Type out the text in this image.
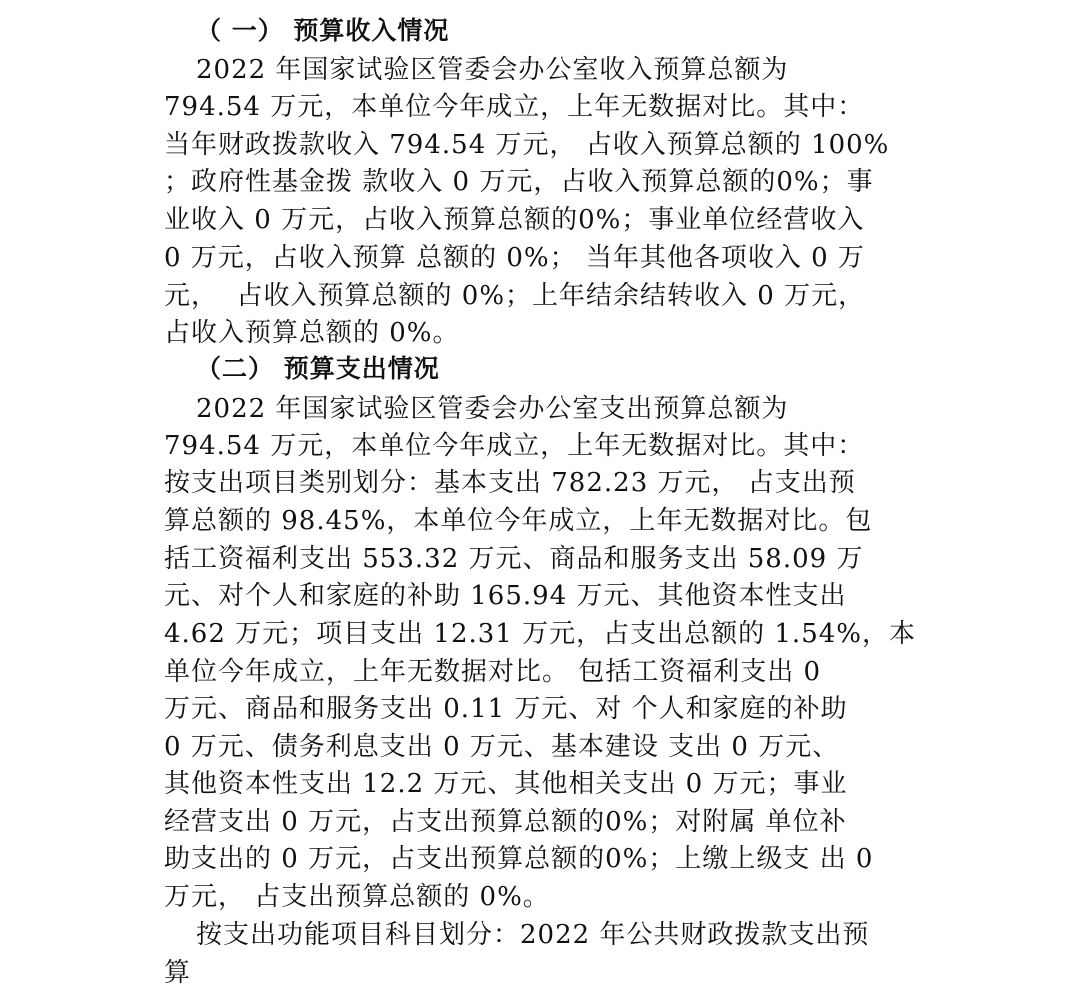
（ 一） 预算收入情况
2022 年国家试验区管委会办公室收入预算总额为
794.54 万元，本单位今年成立，上年无数据对比。其中：
当年财政拨款收入 794.54 万元， 占收入预算总额的 100%
；政府性基金拨 款收入 0 万元，占收入预算总额的0%；事
业收入 0 万元，占收入预算总额的0%；事业单位经营收入
0 万元，占收入预算 总额的 0%； 当年其他各项收入 0 万
元，  占收入预算总额的 0%；上年结余结转收入 0 万元，
占收入预算总额的 0%。
（二） 预算支出情况
2022 年国家试验区管委会办公室支出预算总额为
794.54 万元，本单位今年成立，上年无数据对比。其中：
按支出项目类别划分：基本支出 782.23 万元， 占支出预
算总额的 98.45%，本单位今年成立，上年无数据对比。包
括工资福利支出 553.32 万元、商品和服务支出 58.09 万
元、对个人和家庭的补助 165.94 万元、其他资本性支出
4.62 万元；项目支出 12.31 万元，占支出总额的 1.54%，本
单位今年成立，上年无数据对比。 包括工资福利支出 0
万元、商品和服务支出 0.11 万元、对 个人和家庭的补助
0 万元、债务利息支出 0 万元、基本建设 支出 0 万元、
其他资本性支出 12.2 万元、其他相关支出 0 万元；事业
经营支出 0 万元，占支出预算总额的0%；对附属 单位补
助支出的 0 万元，占支出预算总额的0%；上缴上级支 出 0
万元， 占支出预算总额的 0%。
按支出功能项目科目划分：2022 年公共财政拨款支出预
算
